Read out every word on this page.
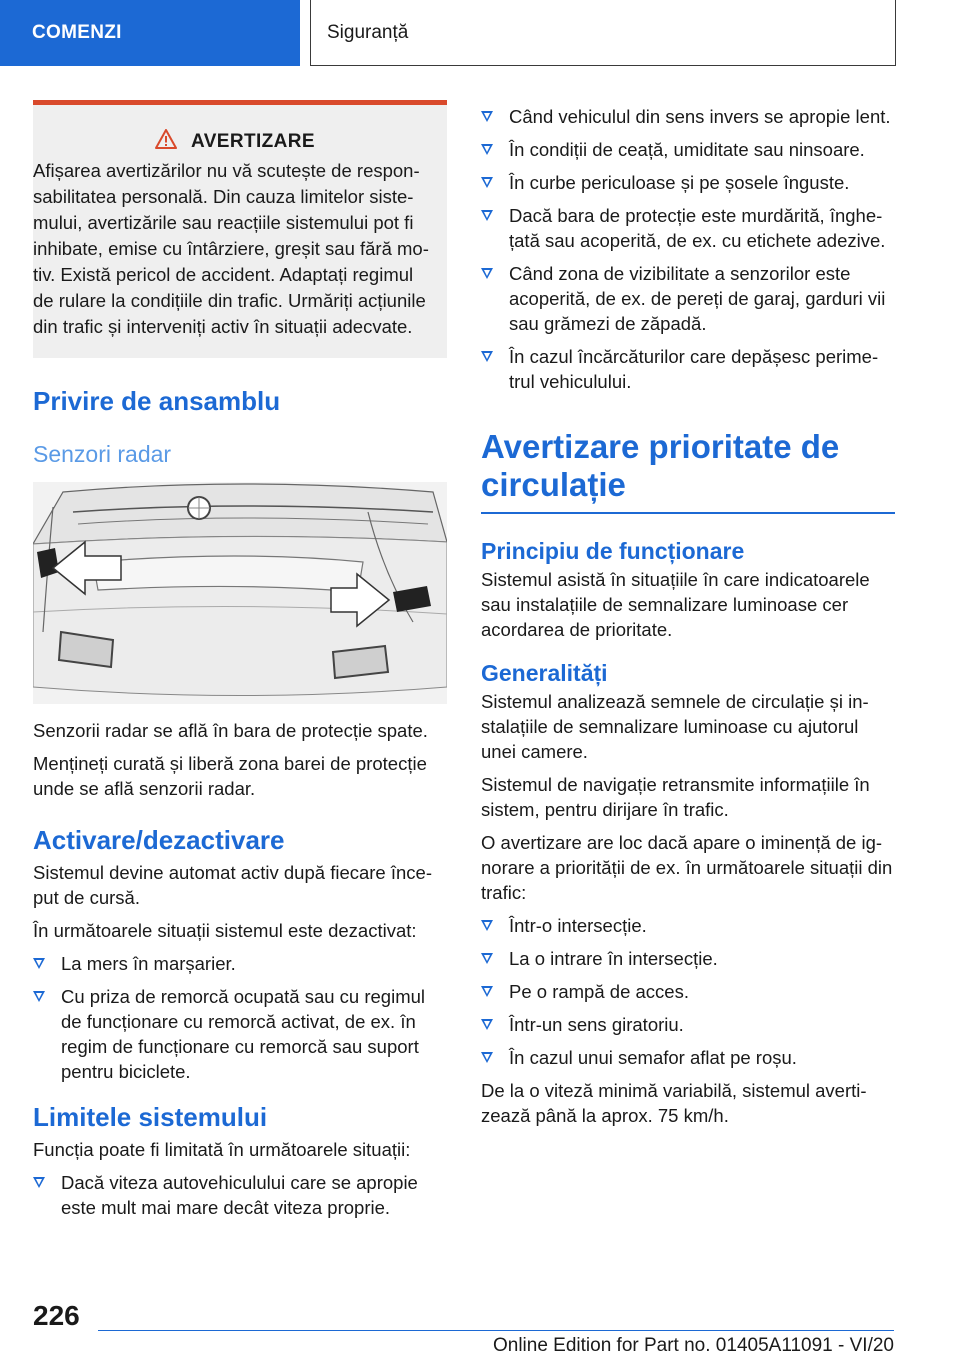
COMENZI	Siguranță
AVERTIZARE

Afișarea avertizărilor nu vă scutește de respon-sabilitatea personală. Din cauza limitelor siste-mului, avertizările sau reacțiile sistemului pot fi inhibate, emise cu întârziere, greșit sau fără mo-tiv. Există pericol de accident. Adaptați regimul de rulare la condițiile din trafic. Urmăriți acțiunile din trafic și interveniți activ în situații adecvate.

Privire de ansamblu
Senzori radar

Senzorii radar se află în bara de protecție spate.

Mențineți curată și liberă zona barei de protecție unde se află senzorii radar.

Activare/dezactivare

Sistemul devine automat activ după fiecare înce-put de cursă.

În următoarele situații sistemul este dezactivat:

La mers în marșarier.
Cu priza de remorcă ocupată sau cu regimul de funcționare cu remorcă activat, de ex. în regim de funcționare cu remorcă sau suport pentru biciclete.
Limitele sistemului

Funcția poate fi limitată în următoarele situații:

Dacă viteza autovehiculului care se apropie este mult mai mare decât viteza proprie.
Când vehiculul din sens invers se apropie lent.
În condiții de ceață, umiditate sau ninsoare.
În curbe periculoase și pe șosele înguste.
Dacă bara de protecție este murdărită, înghe-țată sau acoperită, de ex. cu etichete adezive.
Când zona de vizibilitate a senzorilor este acoperită, de ex. de pereți de garaj, garduri vii sau grămezi de zăpadă.
În cazul încărcăturilor care depășesc perime-trul vehiculului.
Avertizare prioritate de circulație
Principiu de funcționare

Sistemul asistă în situațiile în care indicatoarele sau instalațiile de semnalizare luminoase cer acordarea de prioritate.

Generalități

Sistemul analizează semnele de circulație și in-stalațiile de semnalizare luminoase cu ajutorul unei camere.

Sistemul de navigație retransmite informațiile în sistem, pentru dirijare în trafic.

O avertizare are loc dacă apare o iminență de ig-norare a priorității de ex. în următoarele situații din trafic:

Într-o intersecție.
La o intrare în intersecție.
Pe o rampă de acces.
Într-un sens giratoriu.
În cazul unui semafor aflat pe roșu.

De la o viteză minimă variabilă, sistemul averti-zează până la aprox. 75 km/h.

226
Online Edition for Part no. 01405A11091 - VI/20
